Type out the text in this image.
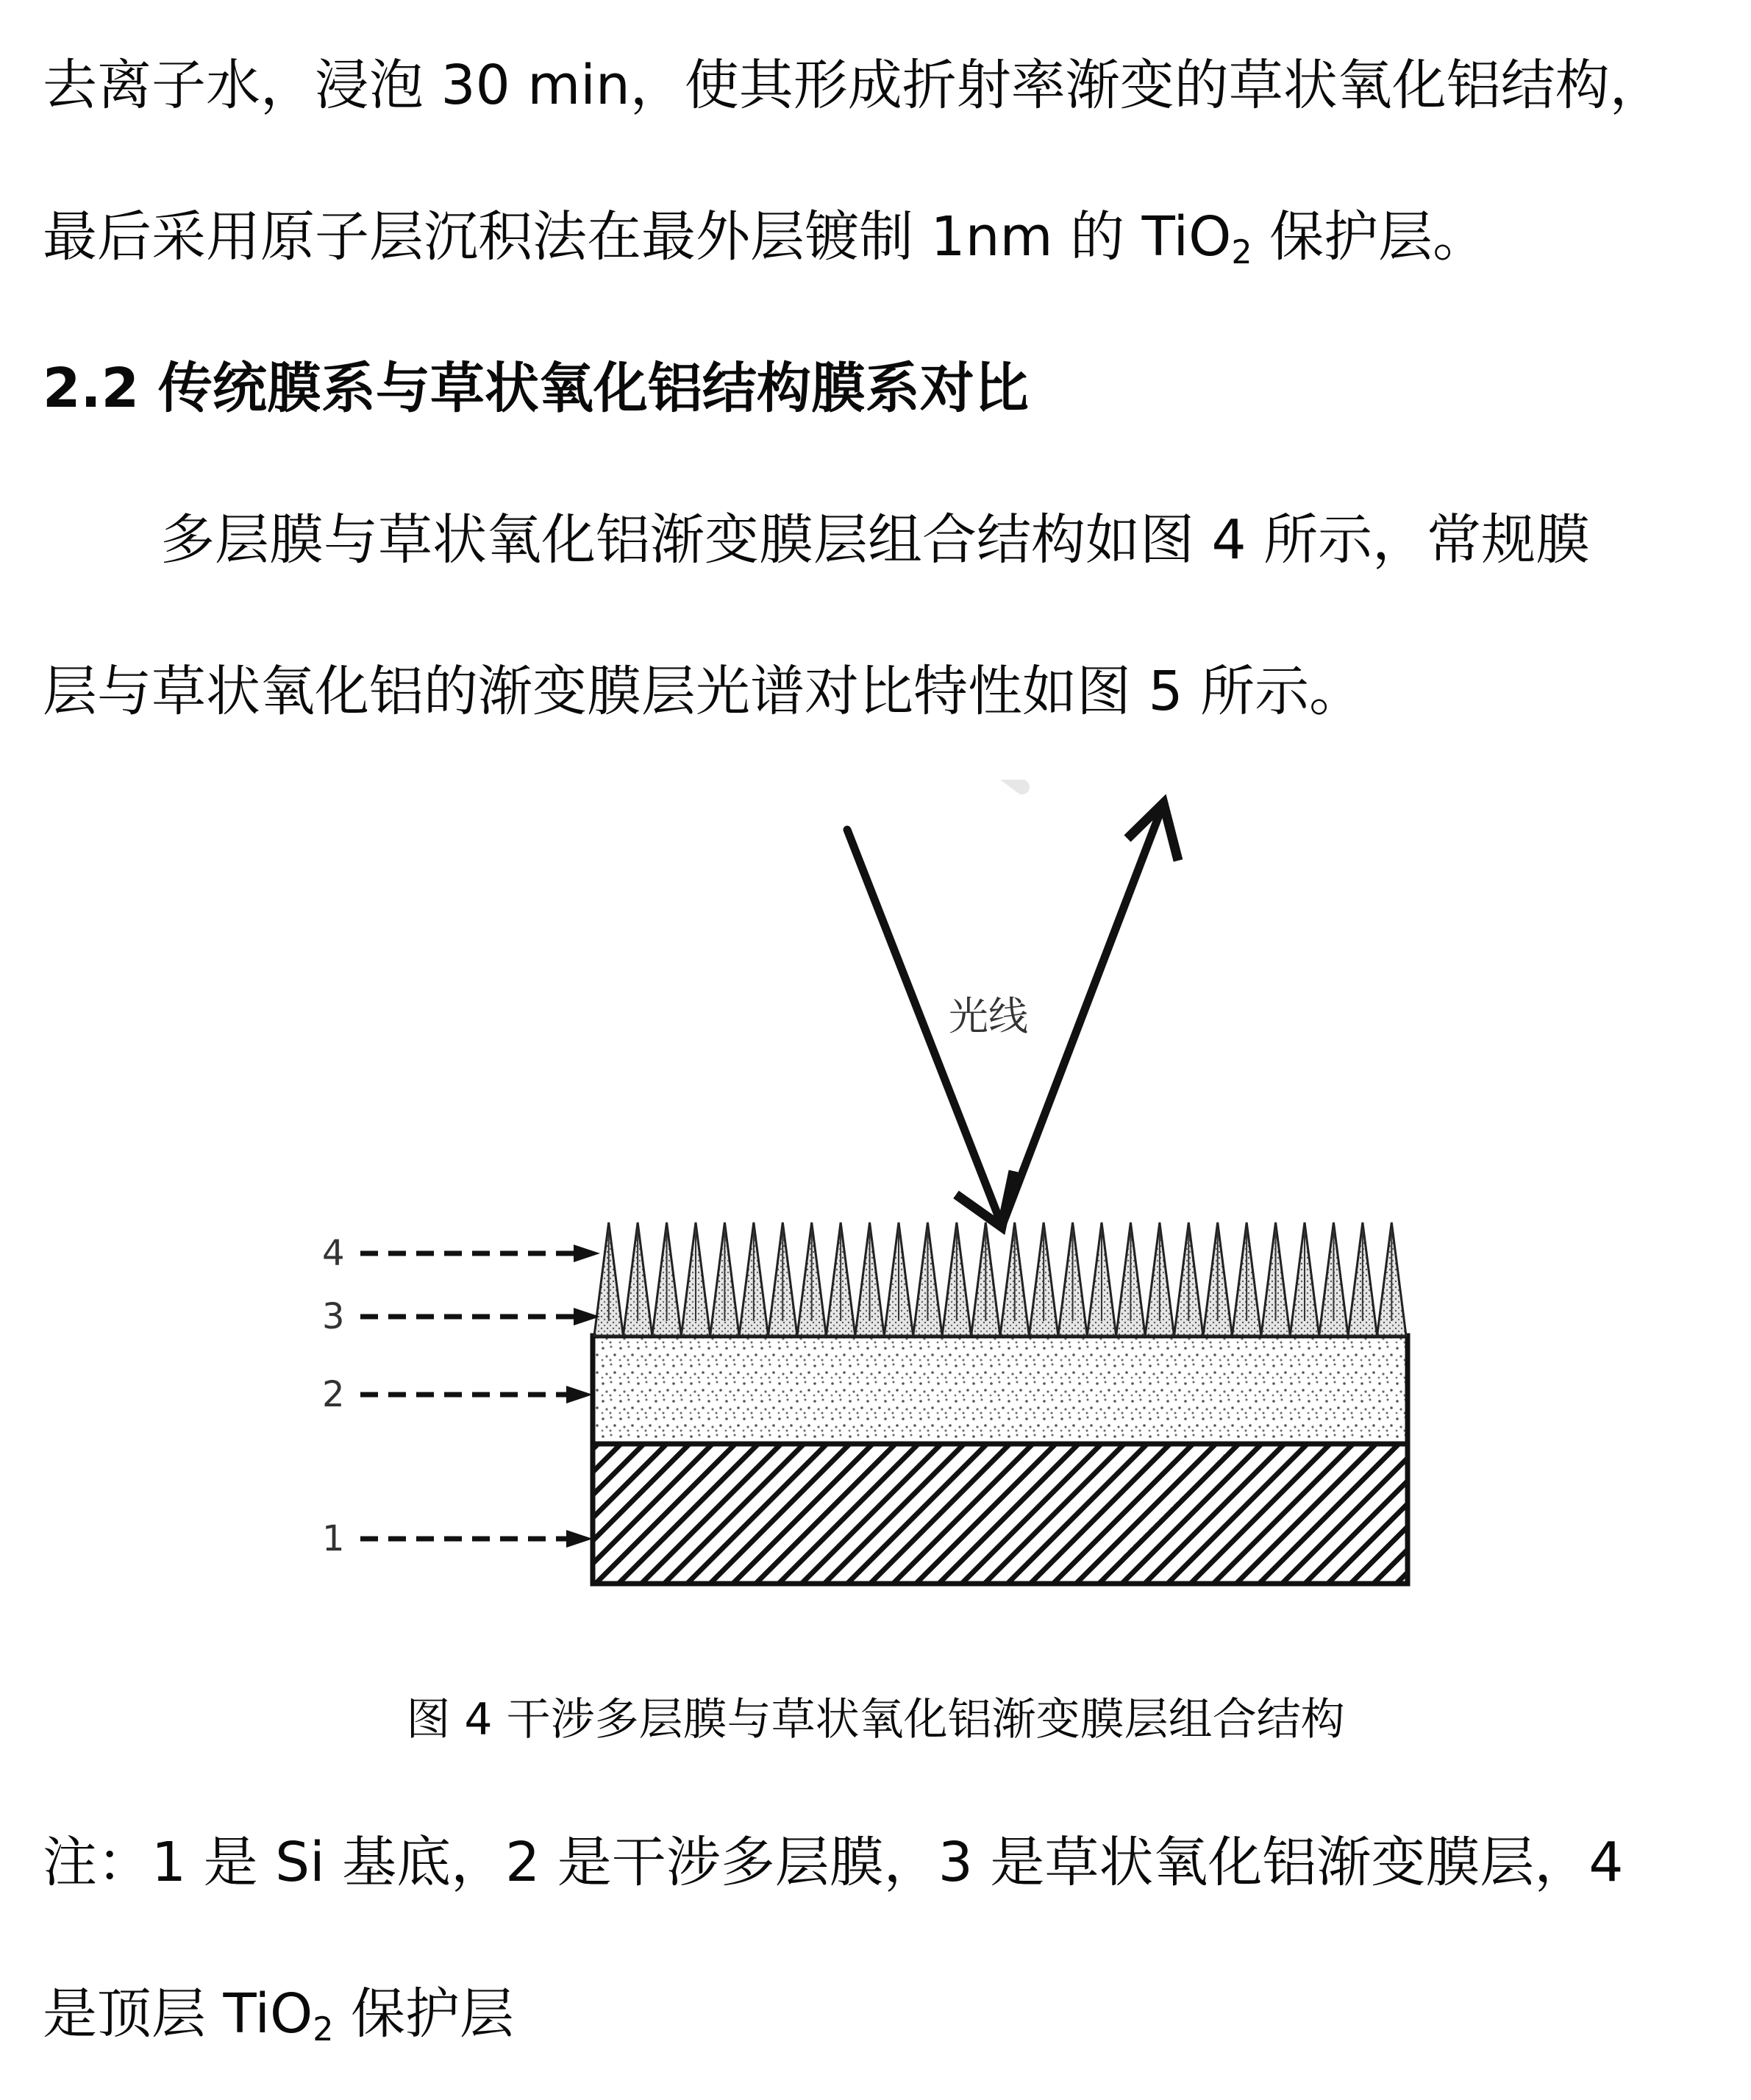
去离子水，浸泡 30 min，使其形成折射率渐变的草状氧化铝结构，

最后采用原子层沉积法在最外层镀制 1nm 的 TiO$_2$ 保护层。

2.2 传统膜系与草状氧化铝结构膜系对比

多层膜与草状氧化铝渐变膜层组合结构如图 4 所示，常规膜

层与草状氧化铝的渐变膜层光谱对比特性如图 5 所示。

光线
4
3
2
1

图 4 干涉多层膜与草状氧化铝渐变膜层组合结构

注：1 是 Si 基底，2 是干涉多层膜，3 是草状氧化铝渐变膜层，4

是顶层 TiO$_2$ 保护层
